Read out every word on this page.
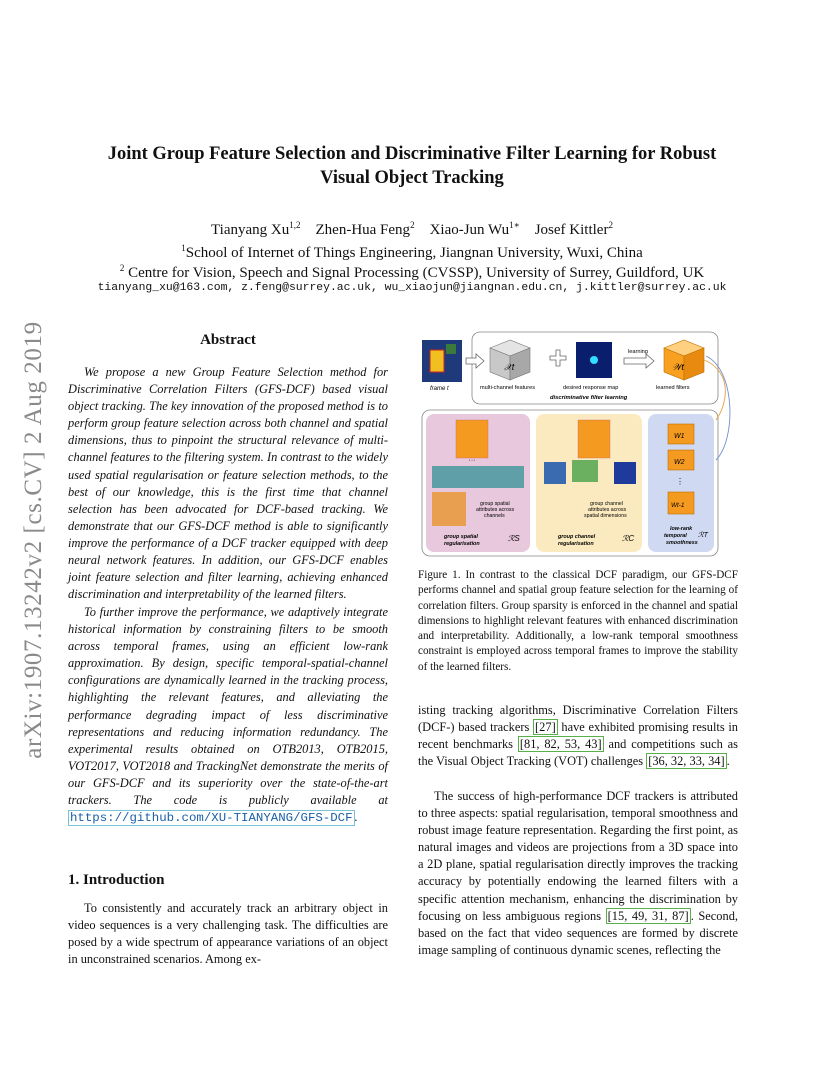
arXiv:1907.13242v2 [cs.CV] 2 Aug 2019
Joint Group Feature Selection and Discriminative Filter Learning for Robust
Visual Object Tracking
Tianyang Xu$^{1,2}$ Zhen-Hua Feng$^2$ Xiao-Jun $Wu^{1∗}$ Josef Kittler$^2$
$^1$School of Internet of Things Engineering, Jiangnan University, Wuxi, China
$^2$ Centre for Vision, Speech and Signal Processing (CVSSP), University of Surrey, Guildford, UK
tianyang_xu@163.com, z.feng@surrey.ac.uk, wu_xiaojun@jiangnan.edu.cn, j.kittler@surrey.ac.uk
Abstract

We propose a new Group Feature Selection method for Discriminative Correlation Filters (GFS-DCF) based visual object tracking. The key innovation of the proposed method is to perform group feature selection across both channel and spatial dimensions, thus to pinpoint the structural relevance of multi-channel features to the filtering system. In contrast to the widely used spatial regularisation or feature selection methods, to the best of our knowledge, this is the first time that channel selection has been advocated for DCF-based tracking. We demonstrate that our GFS-DCF method is able to significantly improve the performance of a DCF tracker equipped with deep neural network features. In addition, our GFS-DCF enables joint feature selection and filter learning, achieving enhanced discrimination and interpretability of the learned filters.

To further improve the performance, we adaptively integrate historical information by constraining filters to be smooth across temporal frames, using an efficient low-rank approximation. By design, specific temporal-spatial-channel configurations are dynamically learned in the tracking process, highlighting the relevant features, and alleviating the performance degrading impact of less discriminative representations and reducing information redundancy. The experimental results obtained on OTB2013, OTB2015, VOT2017, VOT2018 and TrackingNet demonstrate the merits of our GFS-DCF and its superiority over the state-of-the-art trackers. The code is publicly available at https://github.com/XU-TIANYANG/GFS-DCF .

1. Introduction

To consistently and accurately track an arbitrary object in video sequences is a very challenging task. The difficulties are posed by a wide spectrum of appearance variations of an object in unconstrained scenarios. Among ex-

frame t
𝒳t
multi-channel features	desired response map
learning
𝒲t
learned filters
discriminative filter learning
···
group spatial attributes across channels
group spatial regularisation
ℛS
group channel attributes across spatial dimensions
group channel regularisation
ℛC
W1
W2
⋮
Wt-1
low-rank temporal smoothness
ℛT

Figure 1. In contrast to the classical DCF paradigm, our GFS-DCF performs channel and spatial group feature selection for the learning of correlation filters. Group sparsity is enforced in the channel and spatial dimensions to highlight relevant features with enhanced discrimination and interpretability. Additionally, a low-rank temporal smoothness constraint is employed across temporal frames to improve the stability of the learned filters.

isting tracking algorithms, Discriminative Correlation Filters (DCF-) based trackers [27] have exhibited promising results in recent benchmarks [81, 82, 53, 43] and competitions such as the Visual Object Tracking (VOT) challenges [36, 32, 33, 34] .

The success of high-performance DCF trackers is attributed to three aspects: spatial regularisation, temporal smoothness and robust image feature representation. Regarding the first point, as natural images and videos are projections from a 3D space into a 2D plane, spatial regularisation directly improves the tracking accuracy by potentially endowing the learned filters with a specific attention mechanism, enhancing the discrimination by focusing on less ambiguous regions [15, 49, 31, 87] . Second, based on the fact that video sequences are formed by discrete image sampling of continuous dynamic scenes, reflecting the
